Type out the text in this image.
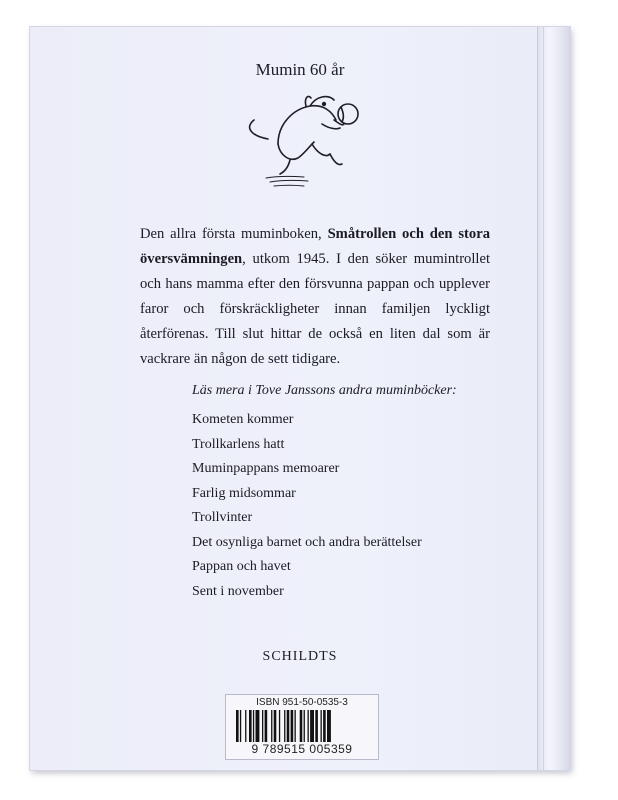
Mumin 60 år

Den allra första muminboken, Småtrollen och den stora översvämningen, utkom 1945. I den söker mumintrollet och hans mamma efter den försvunna pappan och upplever faror och förskräckligheter innan familjen lyckligt återförenas. Till slut hittar de också en liten dal som är vackrare än någon de sett tidigare.

Läs mera i Tove Janssons andra muminböcker:
Kometen kommer
Trollkarlens hatt
Muminpappans memoarer
Farlig midsommar
Trollvinter
Det osynliga barnet och andra berättelser
Pappan och havet
Sent i november
SCHILDTS
ISBN 951-50-0535-3
9 789515 005359
